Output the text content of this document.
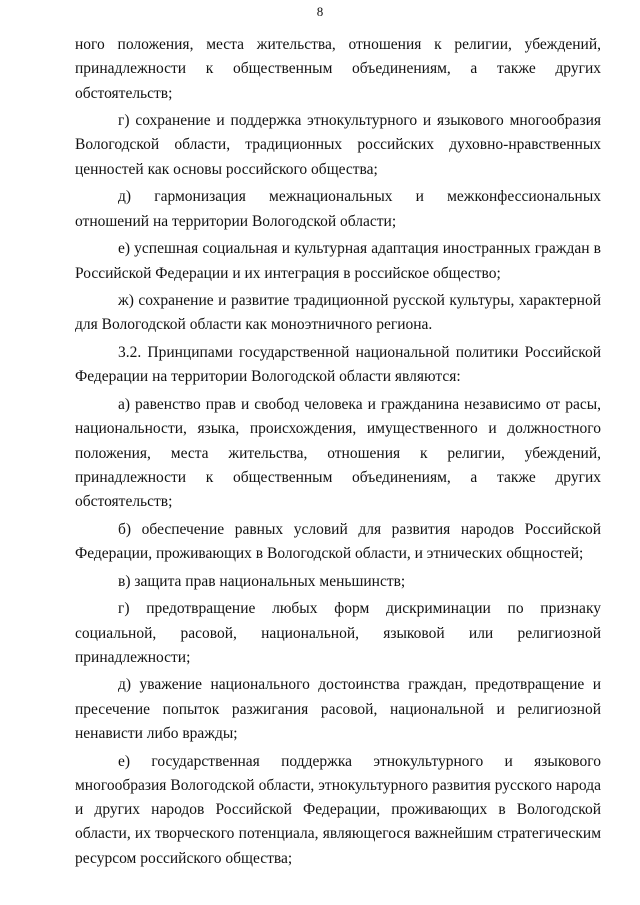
8

ного положения, места жительства, отношения к религии, убеждений, принадлежности к общественным объединениям, а также других обстоятельств;

г) сохранение и поддержка этнокультурного и языкового многообразия Вологодской области, традиционных российских духовно-нравственных ценностей как основы российского общества;

д) гармонизация межнациональных и межконфессиональных отношений на территории Вологодской области;

е) успешная социальная и культурная адаптация иностранных граждан в Российской Федерации и их интеграция в российское общество;

ж) сохранение и развитие традиционной русской культуры, характерной для Вологодской области как моноэтничного региона.

3.2. Принципами государственной национальной политики Российской Федерации на территории Вологодской области являются:

а) равенство прав и свобод человека и гражданина независимо от расы, национальности, языка, происхождения, имущественного и должностного положения, места жительства, отношения к религии, убеждений, принадлежности к общественным объединениям, а также других обстоятельств;

б) обеспечение равных условий для развития народов Российской Федерации, проживающих в Вологодской области, и этнических общностей;

в) защита прав национальных меньшинств;

г) предотвращение любых форм дискриминации по признаку социальной, расовой, национальной, языковой или религиозной принадлежности;

д) уважение национального достоинства граждан, предотвращение и пресечение попыток разжигания расовой, национальной и религиозной ненависти либо вражды;

е) государственная поддержка этнокультурного и языкового многообразия Вологодской области, этнокультурного развития русского народа и других народов Российской Федерации, проживающих в Вологодской области, их творческого потенциала, являющегося важнейшим стратегическим ресурсом российского общества;
